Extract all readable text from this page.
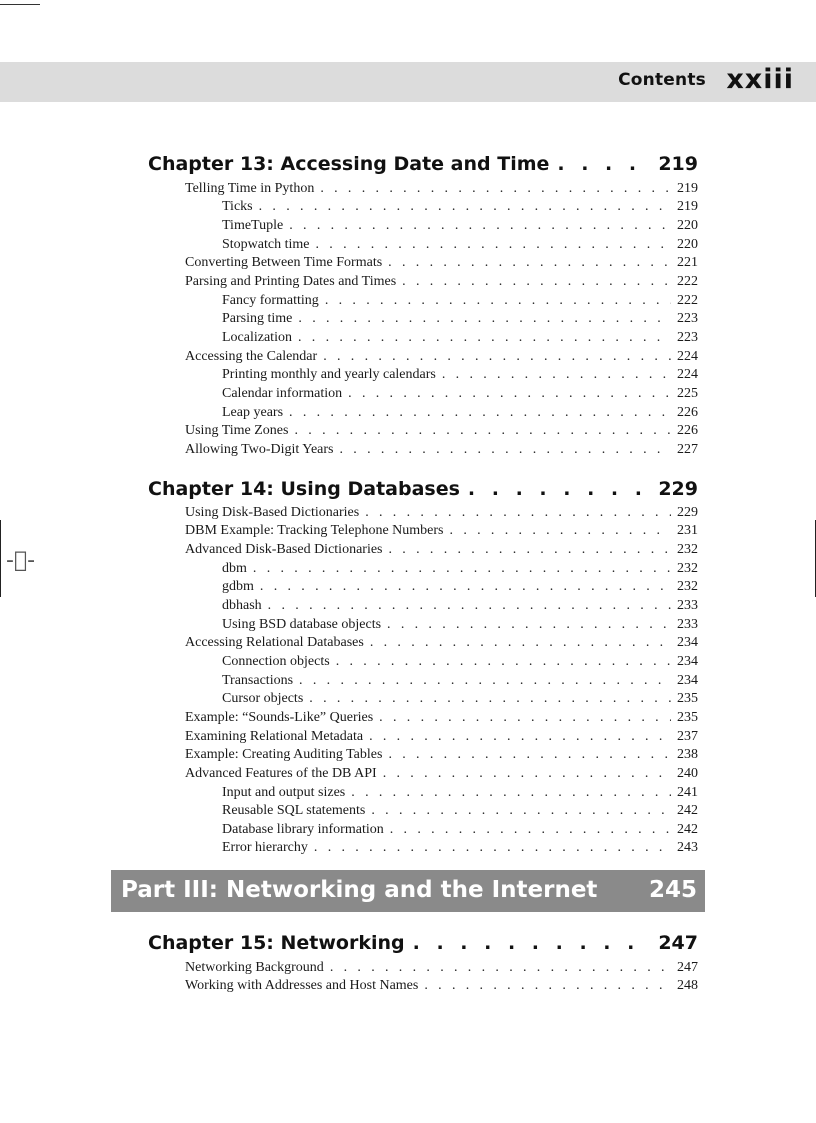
Contents xxiii
-ﾞ-
Chapter 13: Accessing Date and Time . . .	219
Telling Time in Python . . .	219
Ticks . . .	219
TimeTuple . . .	220
Stopwatch time . . .	220
Converting Between Time Formats . . .	221
Parsing and Printing Dates and Times . . .	222
Fancy formatting . . .	222
Parsing time . . .	223
Localization . . .	223
Accessing the Calendar . . .	224
Printing monthly and yearly calendars . . .	224
Calendar information . . .	225
Leap years . . .	226
Using Time Zones . . .	226
Allowing Two-Digit Years . . .	227
Chapter 14: Using Databases . . .	229
Using Disk-Based Dictionaries . . .	229
DBM Example: Tracking Telephone Numbers . . .	231
Advanced Disk-Based Dictionaries . . .	232
dbm . . .	232
gdbm . . .	232
dbhash . . .	233
Using BSD database objects . . .	233
Accessing Relational Databases . . .	234
Connection objects . . .	234
Transactions . . .	234
Cursor objects . . .	235
Example: “Sounds-Like” Queries . . .	235
Examining Relational Metadata . . .	237
Example: Creating Auditing Tables . . .	238
Advanced Features of the DB API . . .	240
Input and output sizes . . .	241
Reusable SQL statements . . .	242
Database library information . . .	242
Error hierarchy . . .	243
Part III: Networking and the Internet 245
Chapter 15: Networking . . .	247
Networking Background . . .	247
Working with Addresses and Host Names . . .	248
